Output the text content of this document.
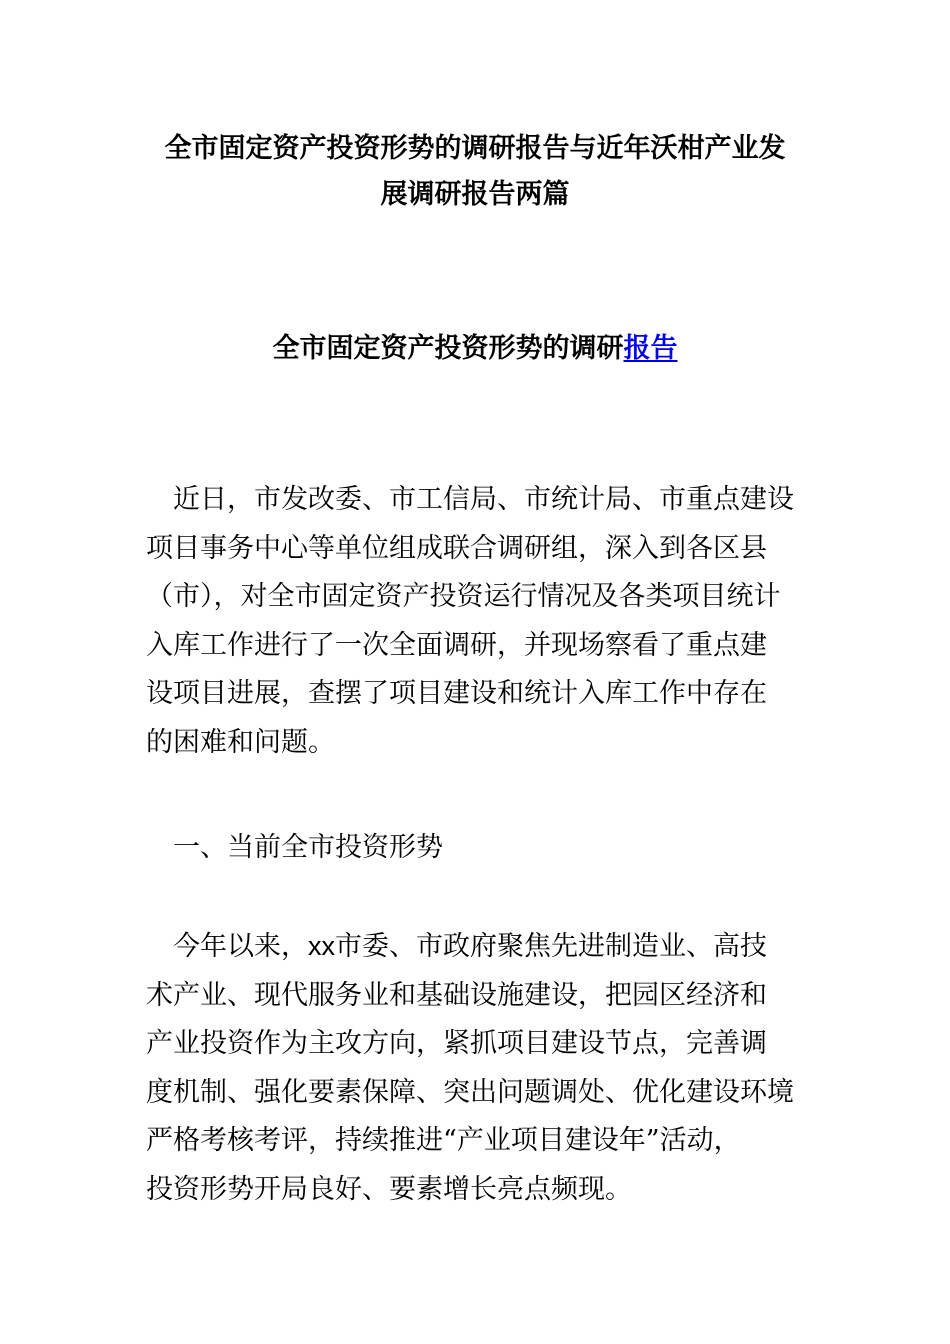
全市固定资产投资形势的调研报告与近年沃柑产业发
展调研报告两篇
全市固定资产投资形势的调研报告
　近日，市发改委、市工信局、市统计局、市重点建设
项目事务中心等单位组成联合调研组，深入到各区县
（市），对全市固定资产投资运行情况及各类项目统计
入库工作进行了一次全面调研，并现场察看了重点建
设项目进展，查摆了项目建设和统计入库工作中存在
的困难和问题。
　一、当前全市投资形势
　今年以来，xx市委、市政府聚焦先进制造业、高技
术产业、现代服务业和基础设施建设，把园区经济和
产业投资作为主攻方向，紧抓项目建设节点，完善调
度机制、强化要素保障、突出问题调处、优化建设环境
严格考核考评，持续推进“产业项目建设年”活动，
投资形势开局良好、要素增长亮点频现。
